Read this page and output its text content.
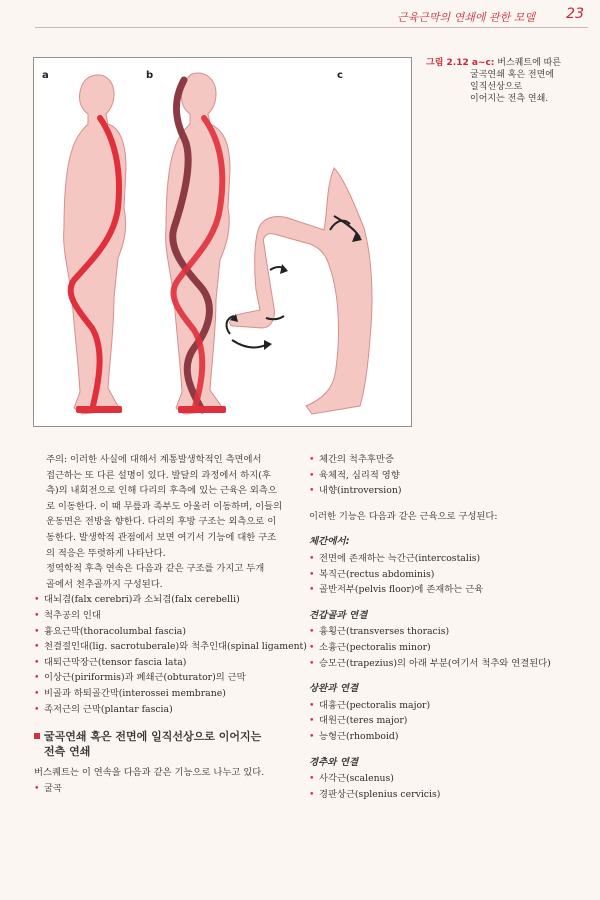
근육근막의 연쇄에 관한 모델 23
a	b	c
그림 2.12 a~c: 버스퀘트에 따른
굴곡연쇄 혹은 전면에
일직선상으로
이어지는 전측 연쇄.
주의: 이러한 사실에 대해서 계통발생학적인 측면에서
접근하는 또 다른 설명이 있다. 발달의 과정에서 하지(후
측)의 내회전으로 인해 다리의 후측에 있는 근육은 외측으
로 이동한다. 이 때 무릎과 족부도 아울러 이동하며, 이들의
운동면은 전방을 향한다. 다리의 후방 구조는 외측으로 이
동한다. 발생학적 관점에서 보면 여기서 기능에 대한 구조
의 적응은 뚜렷하게 나타난다.
정역학적 후측 연속은 다음과 같은 구조를 가지고 두개
골에서 천추골까지 구성된다.
• 대뇌겸(falx cerebri)과 소뇌겸(falx cerebelli)
• 척추공의 인대
• 흉요근막(thoracolumbal fascia)
• 천결절인대(lig. sacrotuberale)와 척추인대(spinal ligament)
• 대퇴근막장근(tensor fascia lata)
• 이상근(piriformis)과 폐쇄근(obturator)의 근막
• 비골과 하퇴골간막(interossei membrane)
• 족저근의 근막(plantar fascia)
굴곡연쇄 혹은 전면에 일직선상으로 이어지는
전측 연쇄
버스퀘트는 이 연속을 다음과 같은 기능으로 나누고 있다.
• 굴곡
• 체간의 척추후만증
• 육체적, 심리적 영향
• 내향(introversion)
이러한 기능은 다음과 같은 근육으로 구성된다:
체간에서:
• 전면에 존재하는 늑간근(intercostalis)
• 복직근(rectus abdominis)
• 골반저부(pelvis floor)에 존재하는 근육
견갑골과 연결
• 흉횡근(transverses thoracis)
• 소흉근(pectoralis minor)
• 승모근(trapezius)의 아래 부분(여기서 척추와 연결된다)
상완과 연결
• 대흉근(pectoralis major)
• 대원근(teres major)
• 능형근(rhomboid)
경추와 연결
• 사각근(scalenus)
• 경판상근(splenius cervicis)
